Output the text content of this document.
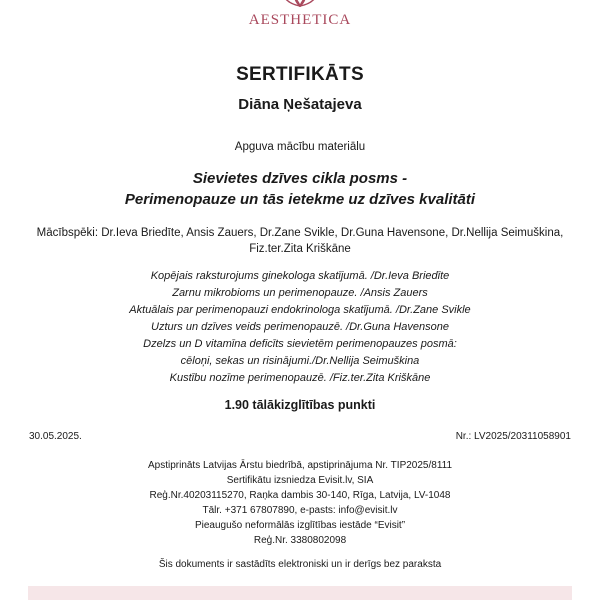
AESTHETICA
SERTIFIKĀTS
Diāna Ņešatajeva
Apguva mācību materiālu
Sievietes dzīves cikla posms -
Perimenopauze un tās ietekme uz dzīves kvalitāti
Mācībspēki: Dr.Ieva Briedīte, Ansis Zauers, Dr.Zane Svikle, Dr.Guna Havensone, Dr.Nellija Seimuškina,
Fiz.ter.Zita Kriškāne
Kopējais raksturojums ginekologa skatījumā. /Dr.Ieva Briedīte
Zarnu mikrobioms un perimenopauze. /Ansis Zauers
Aktuālais par perimenopauzi endokrinologa skatījumā. /Dr.Zane Svikle
Uzturs un dzīves veids perimenopauzē. /Dr.Guna Havensone
Dzelzs un D vitamīna deficīts sievietēm perimenopauzes posmā:
cēloņi, sekas un risinājumi./Dr.Nellija Seimuškina
Kustību nozīme perimenopauzē. /Fiz.ter.Zita Kriškāne
1.90 tālākizglītības punkti
30.05.2025.	Nr.: LV2025/20311058901
Apstiprināts Latvijas Ārstu biedrībā, apstiprinājuma Nr. TIP2025/8111
Sertifikātu izsniedza Evisit.lv, SIA
Reģ.Nr.40203115270, Raņka dambis 30-140, Rīga, Latvija, LV-1048
Tālr. +371 67807890, e-pasts: info@evisit.lv
Pieaugušo neformālās izglītības iestāde “Evisit”
Reģ.Nr. 3380802098
Šis dokuments ir sastādīts elektroniski un ir derīgs bez paraksta
